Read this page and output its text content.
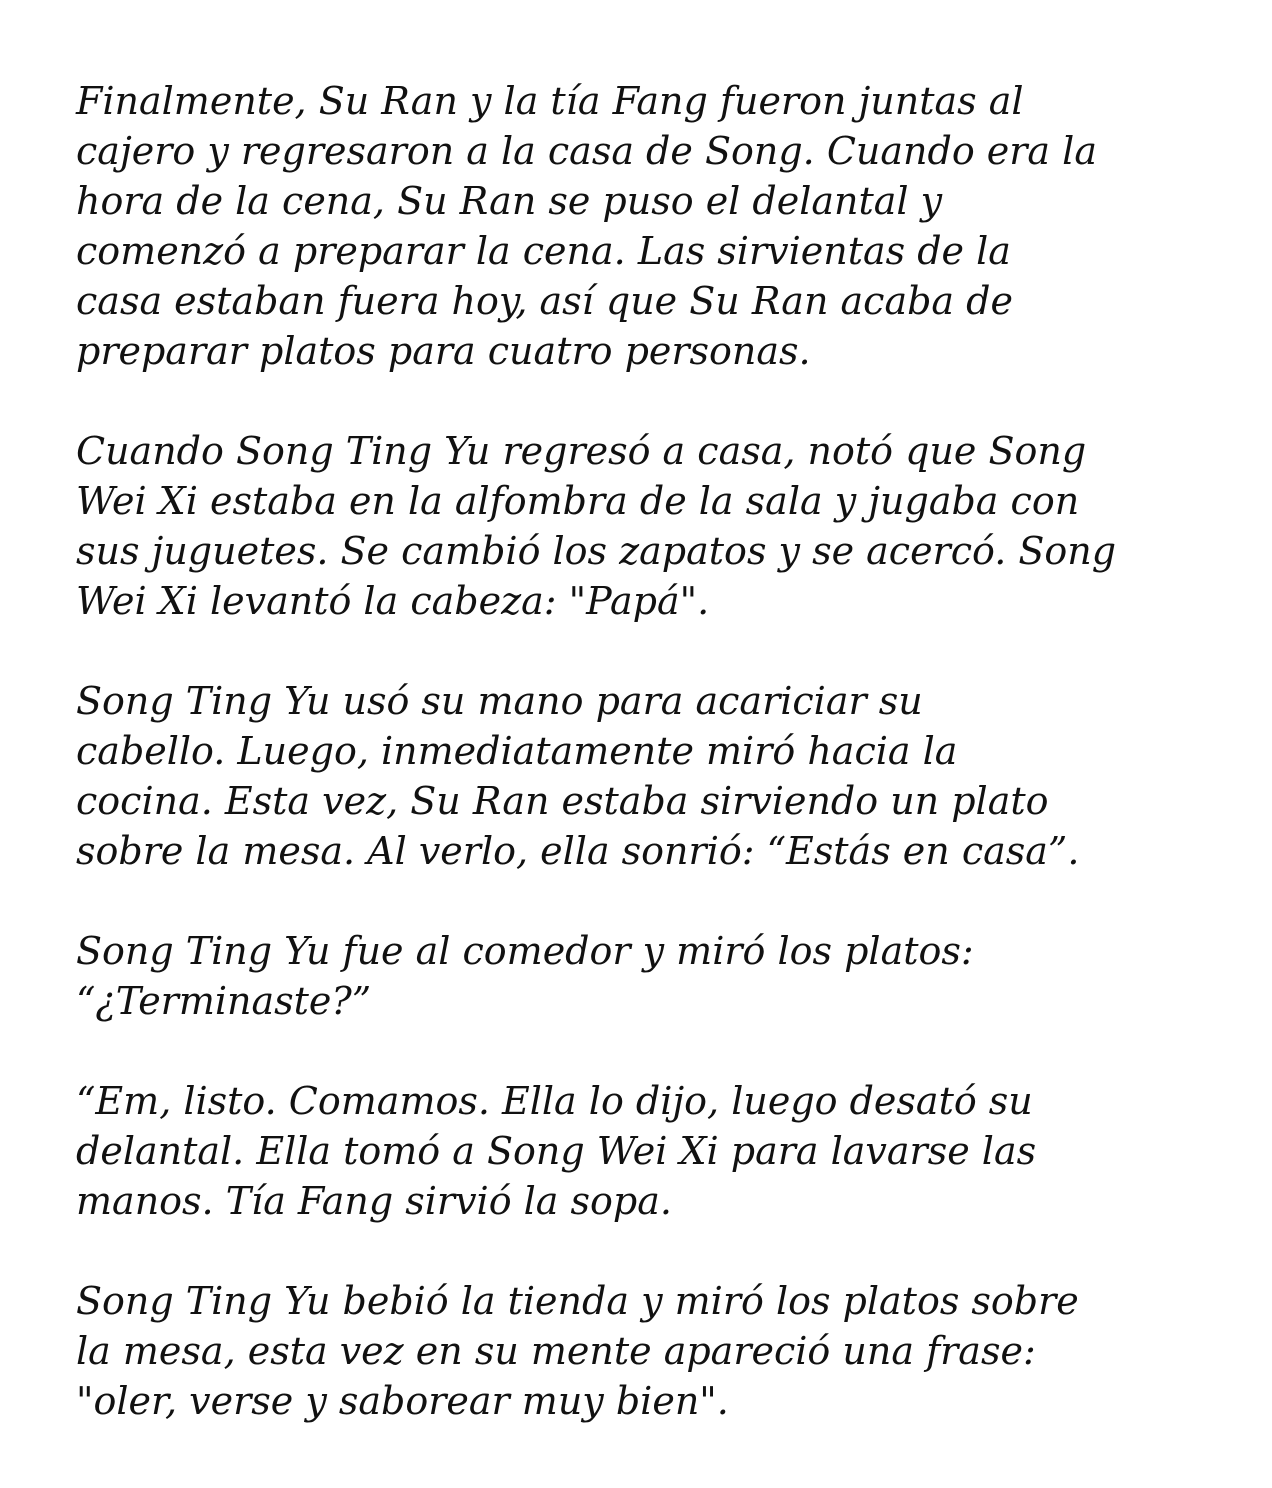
Finalmente, Su Ran y la tía Fang fueron juntas al
cajero y regresaron a la casa de Song. Cuando era la
hora de la cena, Su Ran se puso el delantal y
comenzó a preparar la cena. Las sirvientas de la
casa estaban fuera hoy, así que Su Ran acaba de
preparar platos para cuatro personas.
Cuando Song Ting Yu regresó a casa, notó que Song
Wei Xi estaba en la alfombra de la sala y jugaba con
sus juguetes. Se cambió los zapatos y se acercó. Song
Wei Xi levantó la cabeza: "Papá".
Song Ting Yu usó su mano para acariciar su
cabello. Luego, inmediatamente miró hacia la
cocina. Esta vez, Su Ran estaba sirviendo un plato
sobre la mesa. Al verlo, ella sonrió: “Estás en casa”.
Song Ting Yu fue al comedor y miró los platos:
“¿Terminaste?”
“Em, listo. Comamos. Ella lo dijo, luego desató su
delantal. Ella tomó a Song Wei Xi para lavarse las
manos. Tía Fang sirvió la sopa.
Song Ting Yu bebió la tienda y miró los platos sobre
la mesa, esta vez en su mente apareció una frase:
"oler, verse y saborear muy bien".
